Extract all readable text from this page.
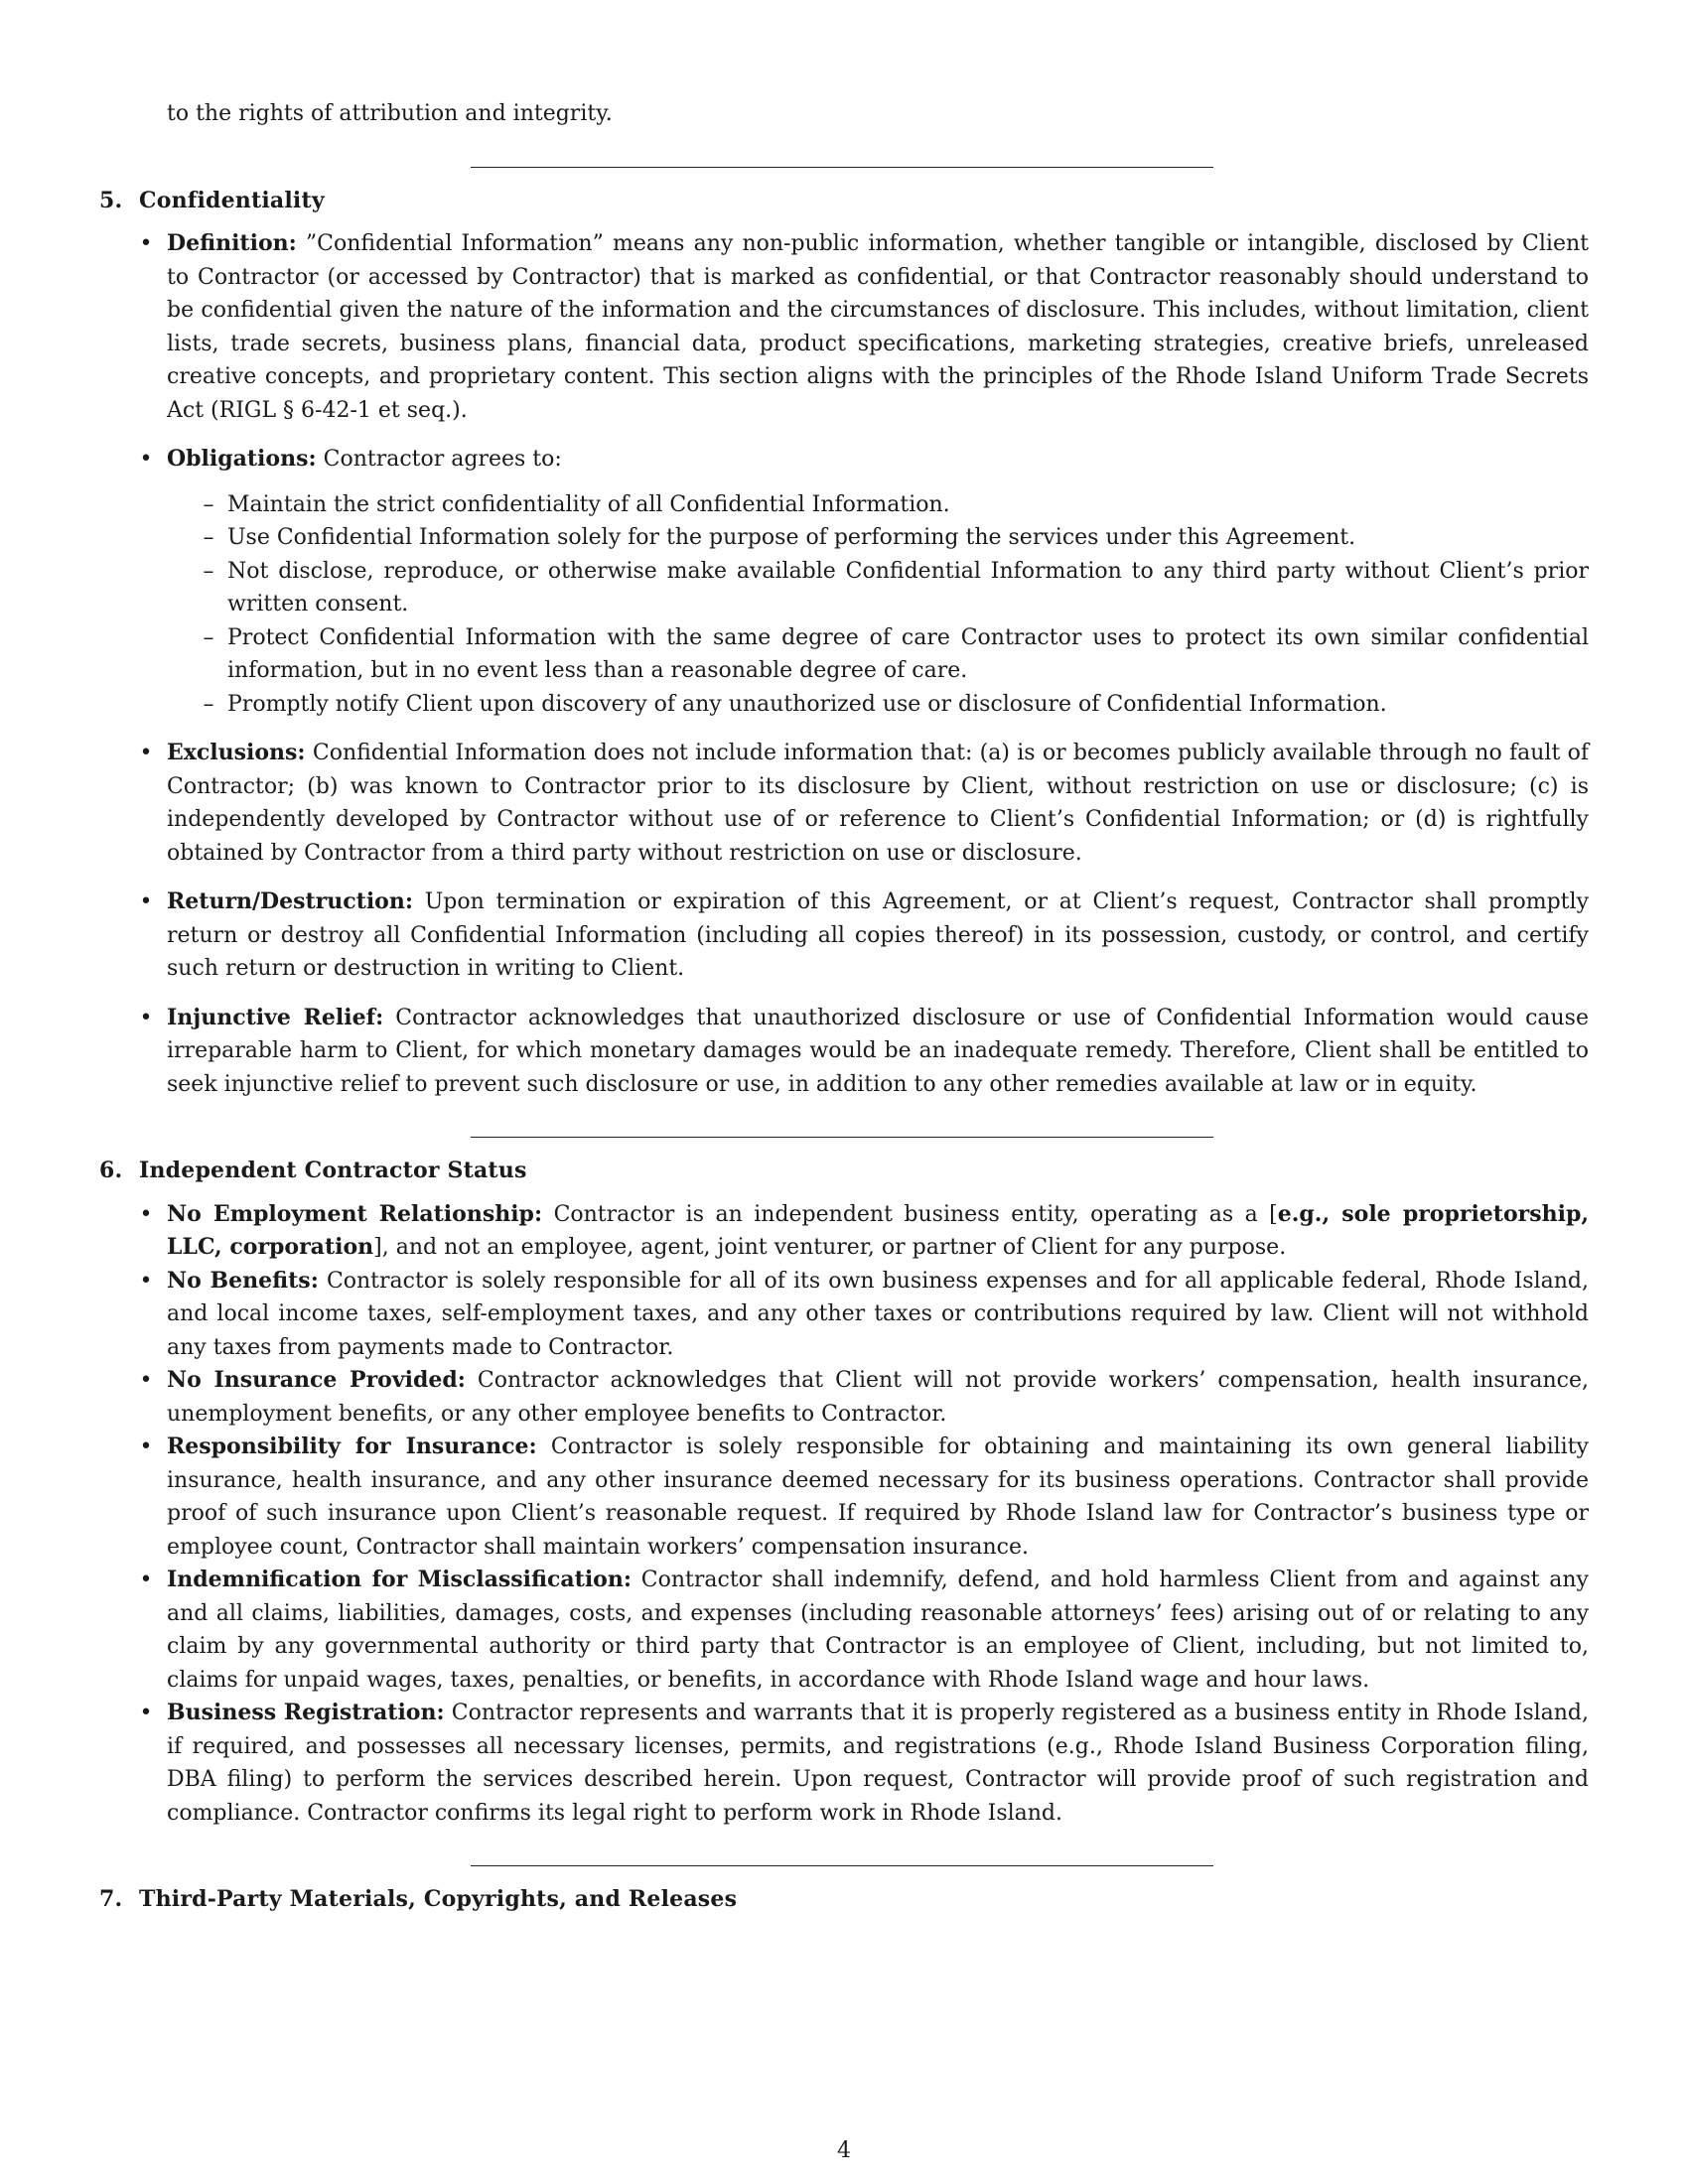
to the rights of attribution and integrity.

5. Confidentiality
• Definition: ”Confidential Information” means any non-public information, whether tangible or intangible, disclosed by Client to Contractor (or accessed by Contractor) that is marked as confidential, or that Contractor reasonably should understand to be confidential given the nature of the information and the circumstances of disclosure. This includes, without limitation, client lists, trade secrets, business plans, financial data, product specifications, marketing strategies, creative briefs, unreleased creative concepts, and proprietary content. This section aligns with the principles of the Rhode Island Uniform Trade Secrets Act (RIGL § 6-42-1 et seq.).
• Obligations: Contractor agrees to:
– Maintain the strict confidentiality of all Confidential Information.
– Use Confidential Information solely for the purpose of performing the services under this Agreement.
– Not disclose, reproduce, or otherwise make available Confidential Information to any third party without Client’s prior written consent.
– Protect Confidential Information with the same degree of care Contractor uses to protect its own similar confidential information, but in no event less than a reasonable degree of care.
– Promptly notify Client upon discovery of any unauthorized use or disclosure of Confidential Information.
• Exclusions: Confidential Information does not include information that: (a) is or becomes publicly available through no fault of Contractor; (b) was known to Contractor prior to its disclosure by Client, without restriction on use or disclosure; (c) is independently developed by Contractor without use of or reference to Client’s Confidential Information; or (d) is rightfully obtained by Contractor from a third party without restriction on use or disclosure.
• Return/Destruction: Upon termination or expiration of this Agreement, or at Client’s request, Contractor shall promptly return or destroy all Confidential Information (including all copies thereof) in its possession, custody, or control, and certify such return or destruction in writing to Client.
• Injunctive Relief: Contractor acknowledges that unauthorized disclosure or use of Confidential Information would cause irreparable harm to Client, for which monetary damages would be an inadequate remedy. Therefore, Client shall be entitled to seek injunctive relief to prevent such disclosure or use, in addition to any other remedies available at law or in equity.
6. Independent Contractor Status
• No Employment Relationship: Contractor is an independent business entity, operating as a [e.g., sole proprietorship, LLC, corporation], and not an employee, agent, joint venturer, or partner of Client for any purpose.
• No Benefits: Contractor is solely responsible for all of its own business expenses and for all applicable federal, Rhode Island, and local income taxes, self-employment taxes, and any other taxes or contributions required by law. Client will not withhold any taxes from payments made to Contractor.
• No Insurance Provided: Contractor acknowledges that Client will not provide workers’ compensation, health insurance, unemployment benefits, or any other employee benefits to Contractor.
• Responsibility for Insurance: Contractor is solely responsible for obtaining and maintaining its own general liability insurance, health insurance, and any other insurance deemed necessary for its business operations. Contractor shall provide proof of such insurance upon Client’s reasonable request. If required by Rhode Island law for Contractor’s business type or employee count, Contractor shall maintain workers’ compensation insurance.
• Indemnification for Misclassification: Contractor shall indemnify, defend, and hold harmless Client from and against any and all claims, liabilities, damages, costs, and expenses (including reasonable attorneys’ fees) arising out of or relating to any claim by any governmental authority or third party that Contractor is an employee of Client, including, but not limited to, claims for unpaid wages, taxes, penalties, or benefits, in accordance with Rhode Island wage and hour laws.
• Business Registration: Contractor represents and warrants that it is properly registered as a business entity in Rhode Island, if required, and possesses all necessary licenses, permits, and registrations (e.g., Rhode Island Business Corporation filing, DBA filing) to perform the services described herein. Upon request, Contractor will provide proof of such registration and compliance. Contractor confirms its legal right to perform work in Rhode Island.
7. Third-Party Materials, Copyrights, and Releases
4
